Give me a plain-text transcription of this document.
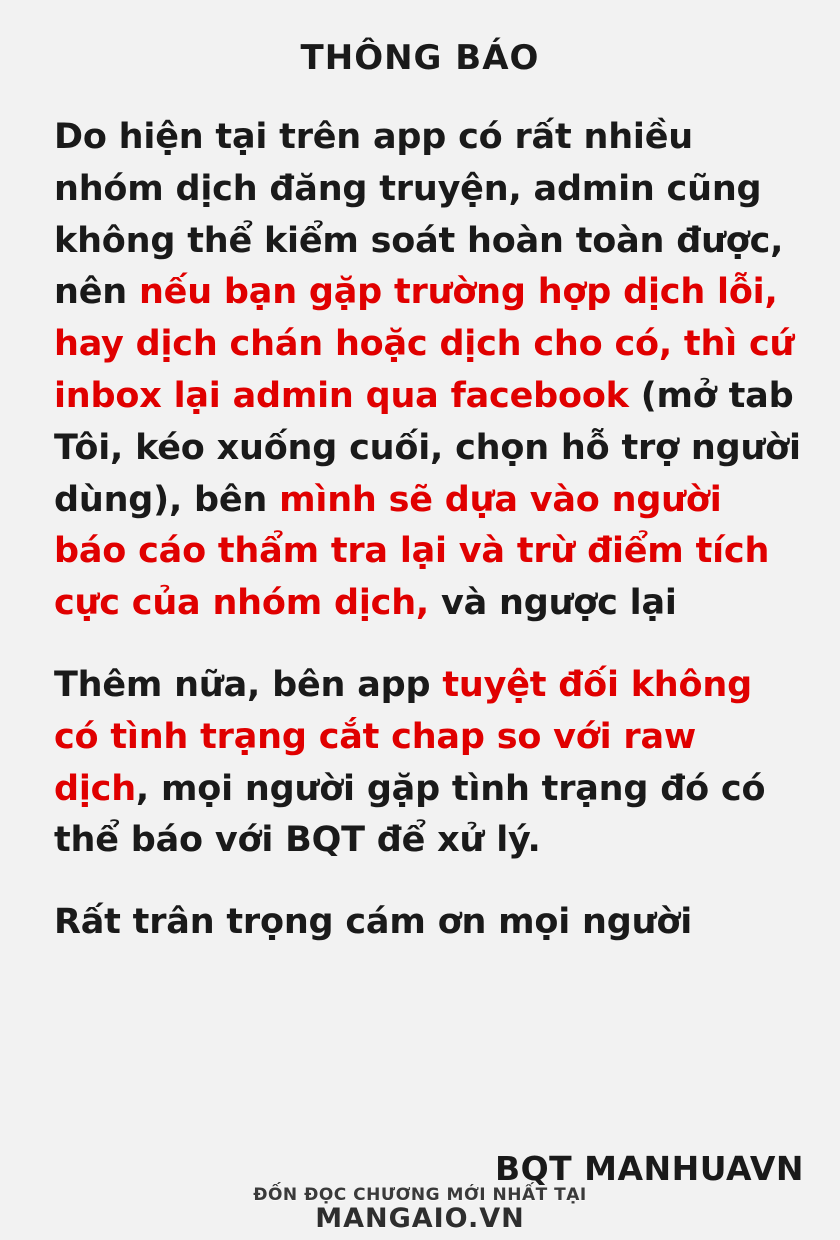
THÔNG BÁO

Do hiện tại trên app có rất nhiều nhóm dịch đăng truyện, admin cũng không thể kiểm soát hoàn toàn được, nên nếu bạn gặp trường hợp dịch lỗi, hay dịch chán hoặc dịch cho có, thì cứ inbox lại admin qua facebook (mở tab Tôi, kéo xuống cuối, chọn hỗ trợ người dùng), bên mình sẽ dựa vào người báo cáo thẩm tra lại và trừ điểm tích cực của nhóm dịch, và ngược lại

Thêm nữa, bên app tuyệt đối không có tình trạng cắt chap so với raw dịch, mọi người gặp tình trạng đó có thể báo với BQT để xử lý.

Rất trân trọng cám ơn mọi người

BQT MANHUAVN
ĐỐN ĐỌC CHƯƠNG MỚI NHẤT TẠI
MANGAIO.VN
